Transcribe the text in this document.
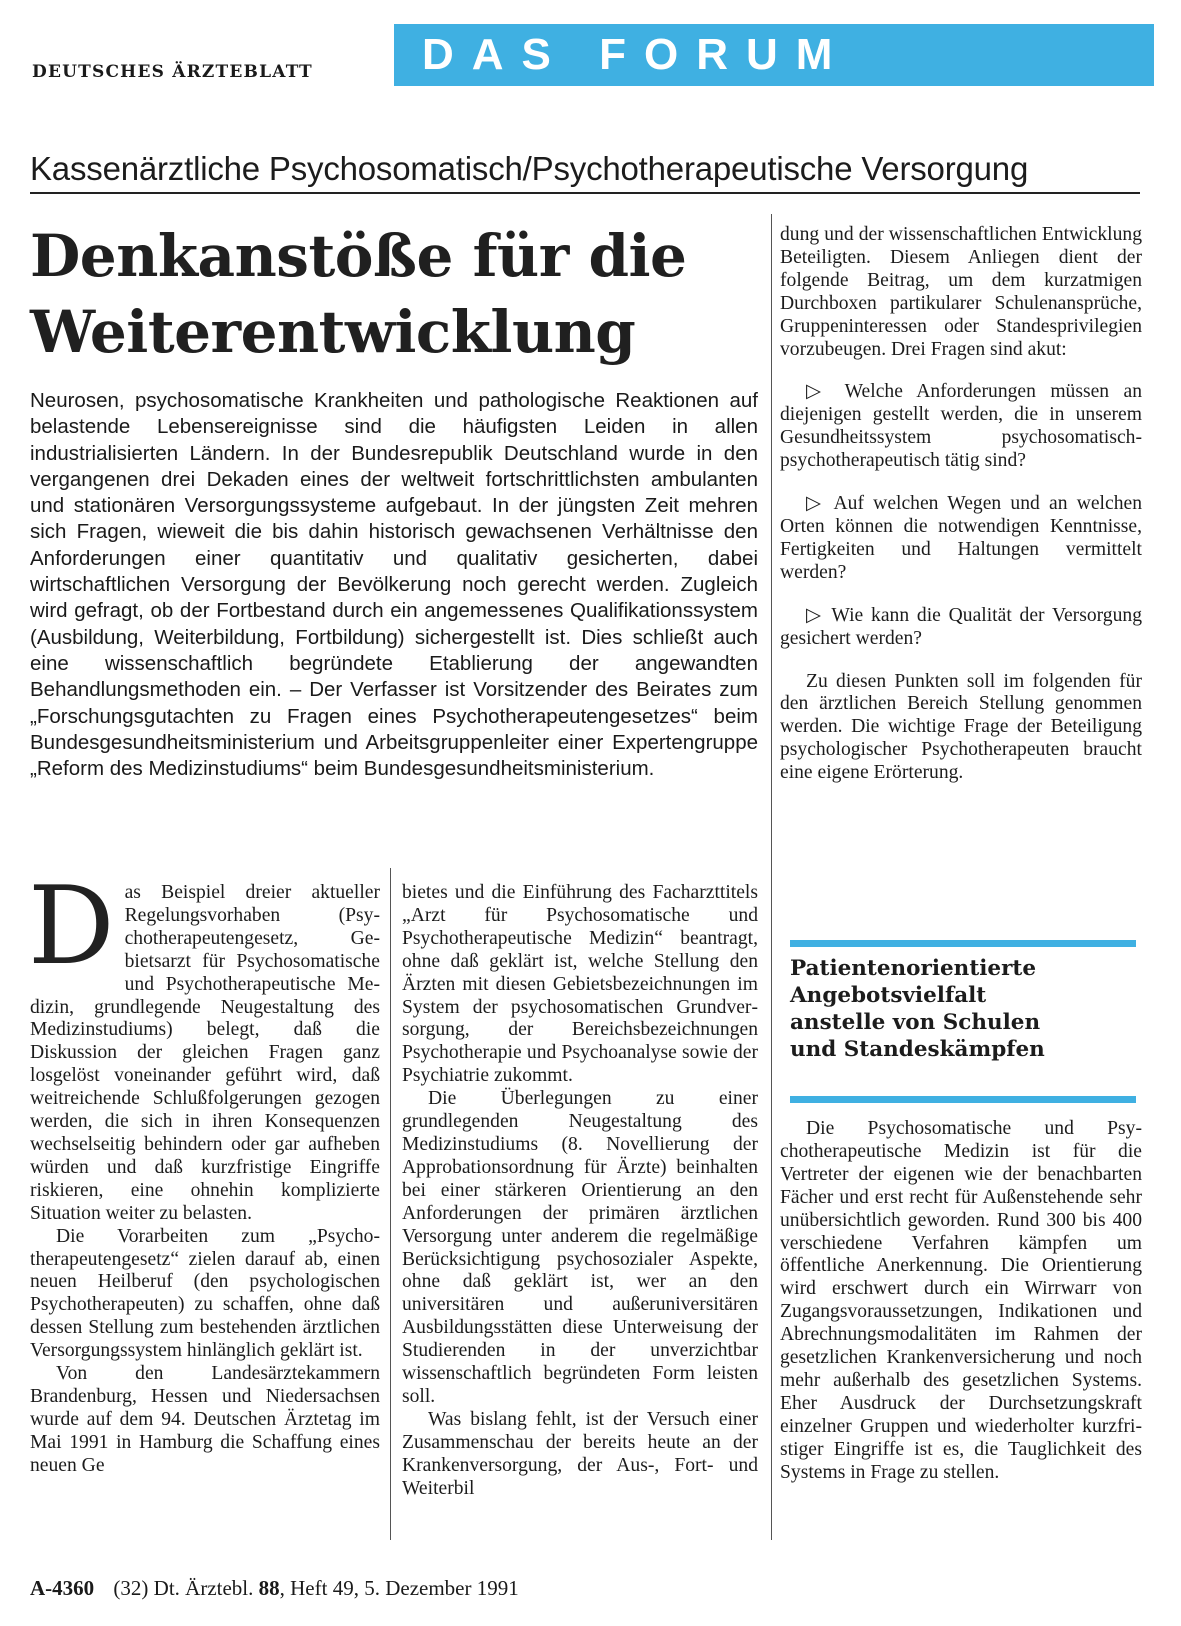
DEUTSCHES ÄRZTEBLATT	DAS FORUM
Kassenärztliche Psychosomatisch/Psychotherapeutische Versorgung
Denkanstöße für die
Weiterentwicklung
Neurosen, psychosomatische Krankheiten und pathologische Reaktionen auf belastende Lebensereignisse sind die häufigsten Leiden in allen industrialisierten Ländern. In der Bundesrepublik Deutschland wurde in den vergangenen drei Dekaden eines der weltweit fortschrittlichsten ambulanten und stationären Versorgungssysteme aufgebaut. In der jüngsten Zeit mehren sich Fragen, wieweit die bis dahin historisch gewachsenen Verhältnisse den Anforderungen einer quantitativ und qualitativ gesicherten, dabei wirtschaftlichen Versorgung der Bevölkerung noch gerecht werden. Zugleich wird gefragt, ob der Fortbestand durch ein angemessenes Qualifikationssystem (Ausbildung, Weiterbildung, Fortbildung) sichergestellt ist. Dies schließt auch eine wissenschaftlich begründete Etablierung der angewandten Behandlungsmethoden ein. – Der Verfasser ist Vorsitzender des Beirates zum „Forschungsgutachten zu Fragen eines Psychotherapeutengesetzes“ beim Bundesgesundheitsministerium und Arbeitsgruppenleiter einer Expertengruppe „Reform des Medizinstudiums“ beim Bundesgesundheitsministerium.

Das Beispiel dreier aktueller Regelungsvorhaben (Psychotherapeutengesetz, Gebietsarzt für Psychosomatische und Psychotherapeutische Medizin, grundlegende Neugestaltung des Medizinstudiums) belegt, daß die Diskussion der gleichen Fragen ganz losgelöst voneinander geführt wird, daß weitreichende Schlußfolgerungen gezogen werden, die sich in ihren Konsequenzen wechselseitig behindern oder gar aufheben würden und daß kurzfristige Eingriffe riskieren, eine ohnehin komplizierte Situation weiter zu belasten.

Die Vorarbeiten zum „Psychotherapeutengesetz“ zielen darauf ab, einen neuen Heilberuf (den psychologischen Psychotherapeuten) zu schaffen, ohne daß dessen Stellung zum bestehenden ärztlichen Versorgungssystem hinlänglich geklärt ist.

Von den Landesärztekammern Brandenburg, Hessen und Niedersachsen wurde auf dem 94. Deutschen Ärztetag im Mai 1991 in Hamburg die Schaffung eines neuen Ge

bietes und die Einführung des Facharzttitels „Arzt für Psychosomatische und Psychotherapeutische Medizin“ beantragt, ohne daß geklärt ist, welche Stellung den Ärzten mit diesen Gebietsbezeichnungen im System der psychosomatischen Grundversorgung, der Bereichsbezeichnungen Psychotherapie und Psychoanalyse sowie der Psychiatrie zukommt.

Die Überlegungen zu einer grundlegenden Neugestaltung des Medizinstudiums (8. Novellierung der Approbationsordnung für Ärzte) beinhalten bei einer stärkeren Orientierung an den Anforderungen der primären ärztlichen Versorgung unter anderem die regelmäßige Berücksichtigung psychosozialer Aspekte, ohne daß geklärt ist, wer an den universitären und außeruniversitären Ausbildungsstätten diese Unterweisung der Studierenden in der unverzichtbar wissenschaftlich begründeten Form leisten soll.

Was bislang fehlt, ist der Versuch einer Zusammenschau der bereits heute an der Krankenversorgung, der Aus-, Fort- und Weiterbil

dung und der wissenschaftlichen Entwicklung Beteiligten. Diesem Anliegen dient der folgende Beitrag, um dem kurzatmigen Durchboxen partikularer Schulenansprüche, Gruppeninteressen oder Standesprivilegien vorzubeugen. Drei Fragen sind akut:

▷ Welche Anforderungen müssen an diejenigen gestellt werden, die in unserem Gesundheitssystem psychosomatisch-psychotherapeutisch tätig sind?

▷ Auf welchen Wegen und an welchen Orten können die notwendigen Kenntnisse, Fertigkeiten und Haltungen vermittelt werden?

▷ Wie kann die Qualität der Versorgung gesichert werden?

Zu diesen Punkten soll im folgenden für den ärztlichen Bereich Stellung genommen werden. Die wichtige Frage der Beteiligung psychologischer Psychotherapeuten braucht eine eigene Erörterung.

Patientenorientierte
Angebotsvielfalt
anstelle von Schulen
und Standeskämpfen

Die Psychosomatische und Psychotherapeutische Medizin ist für die Vertreter der eigenen wie der benachbarten Fächer und erst recht für Außenstehende sehr unübersichtlich geworden. Rund 300 bis 400 verschiedene Verfahren kämpfen um öffentliche Anerkennung. Die Orientierung wird erschwert durch ein Wirrwarr von Zugangsvoraussetzungen, Indikationen und Abrechnungsmodalitäten im Rahmen der gesetzlichen Krankenversicherung und noch mehr außerhalb des gesetzlichen Systems. Eher Ausdruck der Durchsetzungskraft einzelner Gruppen und wiederholter kurzfristiger Eingriffe ist es, die Tauglichkeit des Systems in Frage zu stellen.

A-4360 (32) Dt. Ärztebl. 88, Heft 49, 5. Dezember 1991
